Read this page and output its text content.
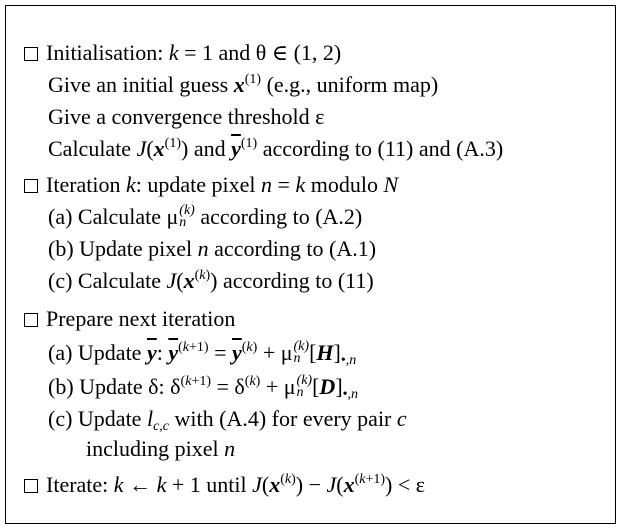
Initialisation: k = 1 and θ ∈ (1, 2)
Give an initial guess $x^{(1)}$ (e.g., uniform map)
Give a convergence threshold ε
Calculate $J(x^{(1)})$ and $\overline{y}^{(1)}$ according to (11) and (A.3)
Iteration k: update pixel n = k modulo N
(a) Calculate μ (k)
n according to (A.2)
(b) Update pixel n according to (A.1)
(c) Calculate $J(x^{(k)})$ according to (11)
Prepare next iteration
(a) Update $\overline{y}$: $\overline{y}^{(k+1)} = \overline{y}^{(k)} + \mu$ (k)
n $[H]_{•,n}$
(b) Update δ: $\delta^{(k+1)} = \delta^{(k)} + \mu$ (k)
n $[D]_{•,n}$
(c) Update $l_{c,c}$ with (A.4) for every pair c
including pixel n
Iterate: k ← k + 1 until $J(x^{(k)}) - J(x^{(k+1)}) < \varepsilon$
